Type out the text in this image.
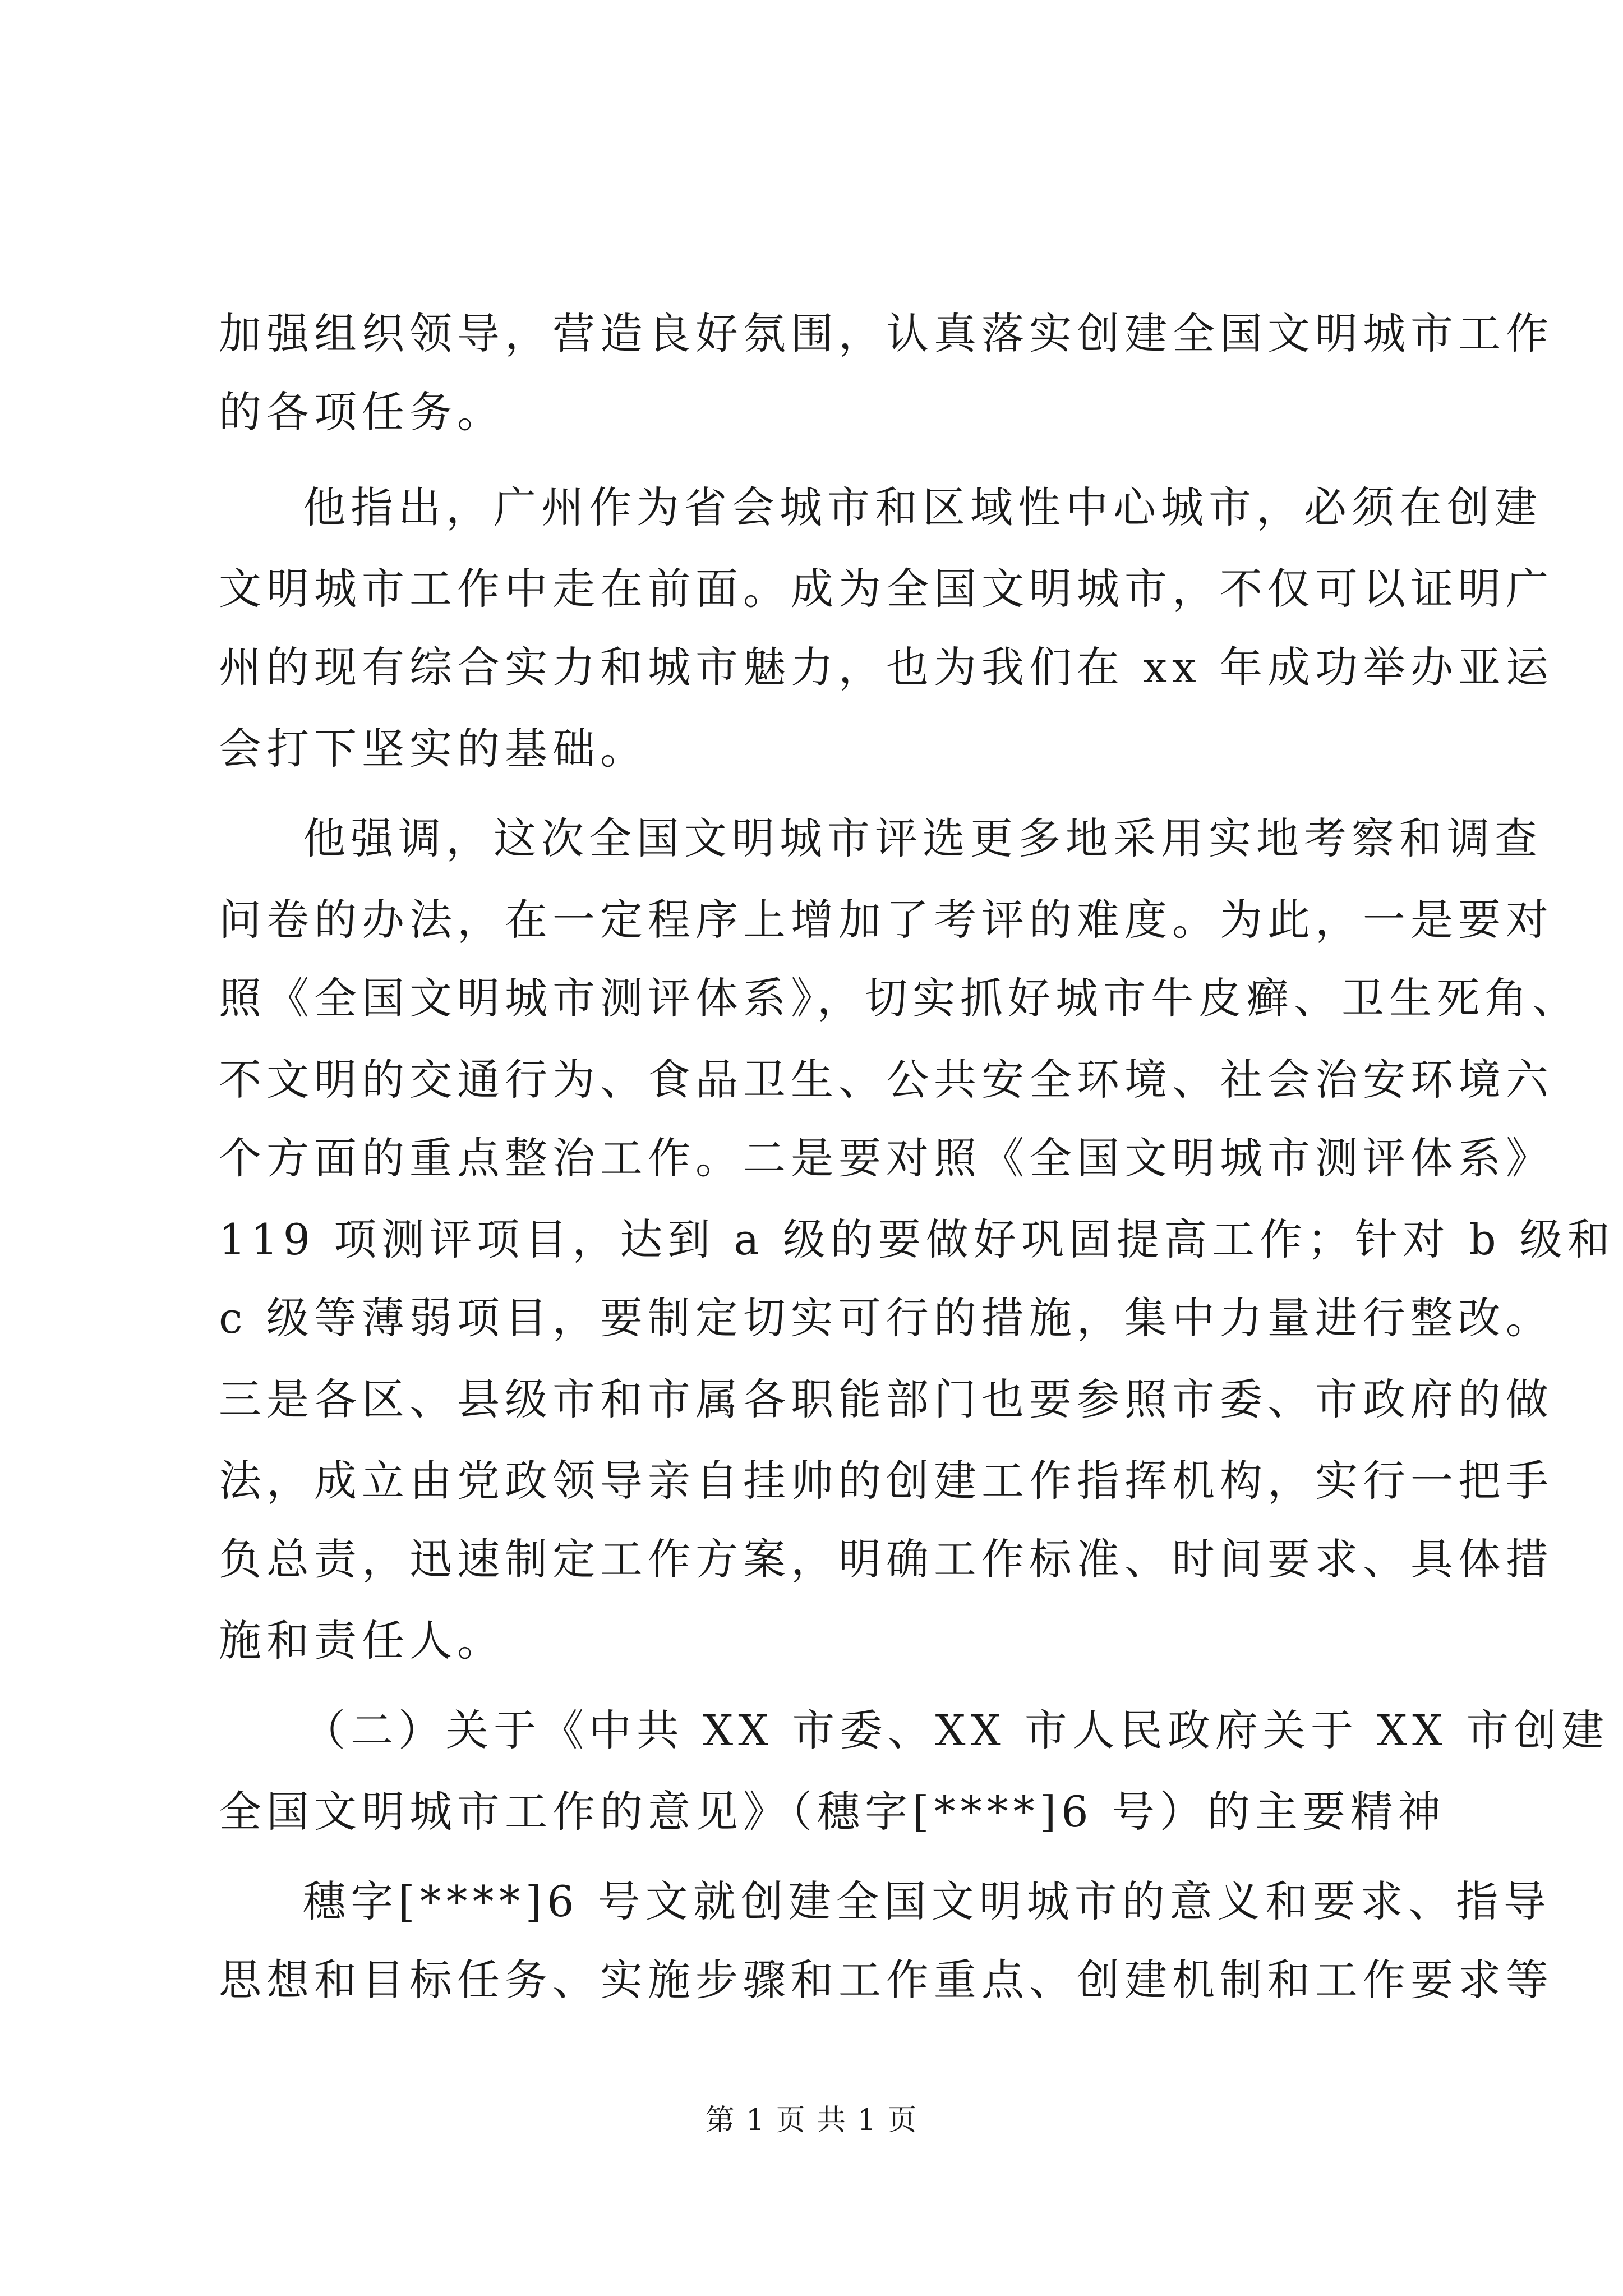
加强组织领导，营造良好氛围，认真落实创建全国文明城市工作
的各项任务。
他指出，广州作为省会城市和区域性中心城市，必须在创建
文明城市工作中走在前面。成为全国文明城市，不仅可以证明广
州的现有综合实力和城市魅力，也为我们在 xx 年成功举办亚运
会打下坚实的基础。
他强调，这次全国文明城市评选更多地采用实地考察和调查
问卷的办法，在一定程序上增加了考评的难度。为此，一是要对
照《全国文明城市测评体系》，切实抓好城市牛皮癣、卫生死角、
不文明的交通行为、食品卫生、公共安全环境、社会治安环境六
个方面的重点整治工作。二是要对照《全国文明城市测评体系》
119 项测评项目，达到 a 级的要做好巩固提高工作；针对 b 级和
c 级等薄弱项目，要制定切实可行的措施，集中力量进行整改。
三是各区、县级市和市属各职能部门也要参照市委、市政府的做
法，成立由党政领导亲自挂帅的创建工作指挥机构，实行一把手
负总责，迅速制定工作方案，明确工作标准、时间要求、具体措
施和责任人。
（二）关于《中共 XX 市委、XX 市人民政府关于 XX 市创建
全国文明城市工作的意见》（穗字[****]6 号）的主要精神
穗字[****]6 号文就创建全国文明城市的意义和要求、指导
思想和目标任务、实施步骤和工作重点、创建机制和工作要求等
第 1 页 共 1 页
